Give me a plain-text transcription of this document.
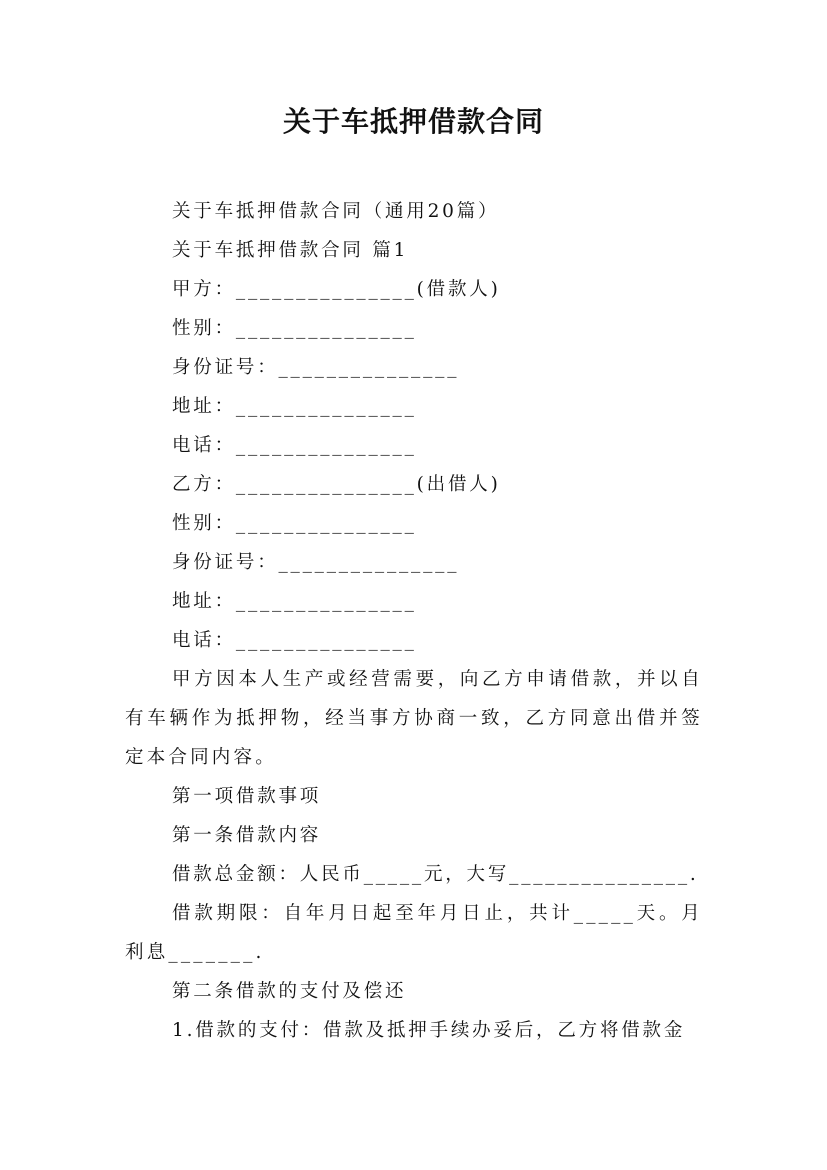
关于车抵押借款合同
关于车抵押借款合同（通用20篇）
关于车抵押借款合同 篇1
甲方：_______________(借款人)
性别：_______________
身份证号：_______________
地址：_______________
电话：_______________
乙方：_______________(出借人)
性别：_______________
身份证号：_______________
地址：_______________
电话：_______________

甲方因本人生产或经营需要，向乙方申请借款，并以自有车辆作为抵押物，经当事方协商一致，乙方同意出借并签定本合同内容。

第一项借款事项
第一条借款内容
借款总金额：人民币_____元，大写_______________.

借款期限：自年月日起至年月日止，共计_____天。月利息_______.

第二条借款的支付及偿还
1.借款的支付：借款及抵押手续办妥后，乙方将借款金
